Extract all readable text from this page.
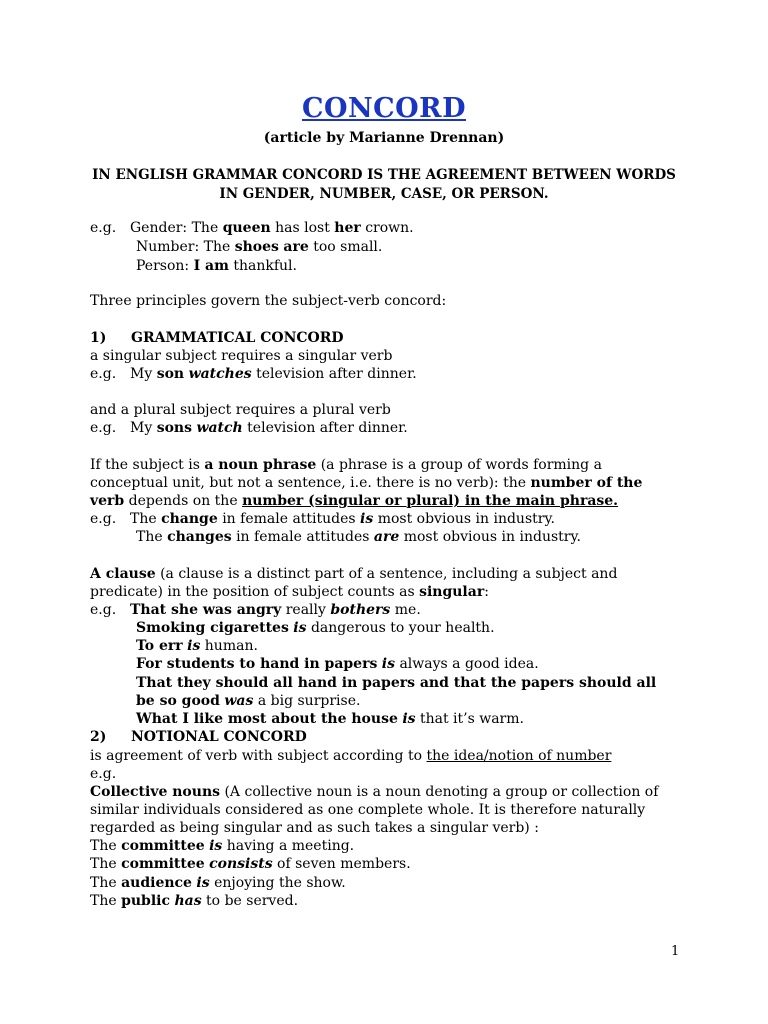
CONCORD
(article by Marianne Drennan)
IN ENGLISH GRAMMAR CONCORD IS THE AGREEMENT BETWEEN WORDS
IN GENDER, NUMBER, CASE, OR PERSON.
e.g. Gender: The queen has lost her crown.
Number: The shoes are too small.
Person: I am thankful.
Three principles govern the subject-verb concord:
1) GRAMMATICAL CONCORD
a singular subject requires a singular verb
e.g. My son watches television after dinner.
and a plural subject requires a plural verb
e.g. My sons watch television after dinner.
If the subject is a noun phrase (a phrase is a group of words forming a
conceptual unit, but not a sentence, i.e. there is no verb): the number of the
verb depends on the number (singular or plural) in the main phrase.
e.g. The change in female attitudes is most obvious in industry.
The changes in female attitudes are most obvious in industry.
A clause (a clause is a distinct part of a sentence, including a subject and
predicate) in the position of subject counts as singular:
e.g. That she was angry really bothers me.
Smoking cigarettes is dangerous to your health.
To err is human.
For students to hand in papers is always a good idea.
That they should all hand in papers and that the papers should all
be so good was a big surprise.
What I like most about the house is that it’s warm.
2) NOTIONAL CONCORD
is agreement of verb with subject according to the idea/notion of number
e.g.
Collective nouns (A collective noun is a noun denoting a group or collection of
similar individuals considered as one complete whole. It is therefore naturally
regarded as being singular and as such takes a singular verb) :
The committee is having a meeting.
The committee consists of seven members.
The audience is enjoying the show.
The public has to be served.
1
